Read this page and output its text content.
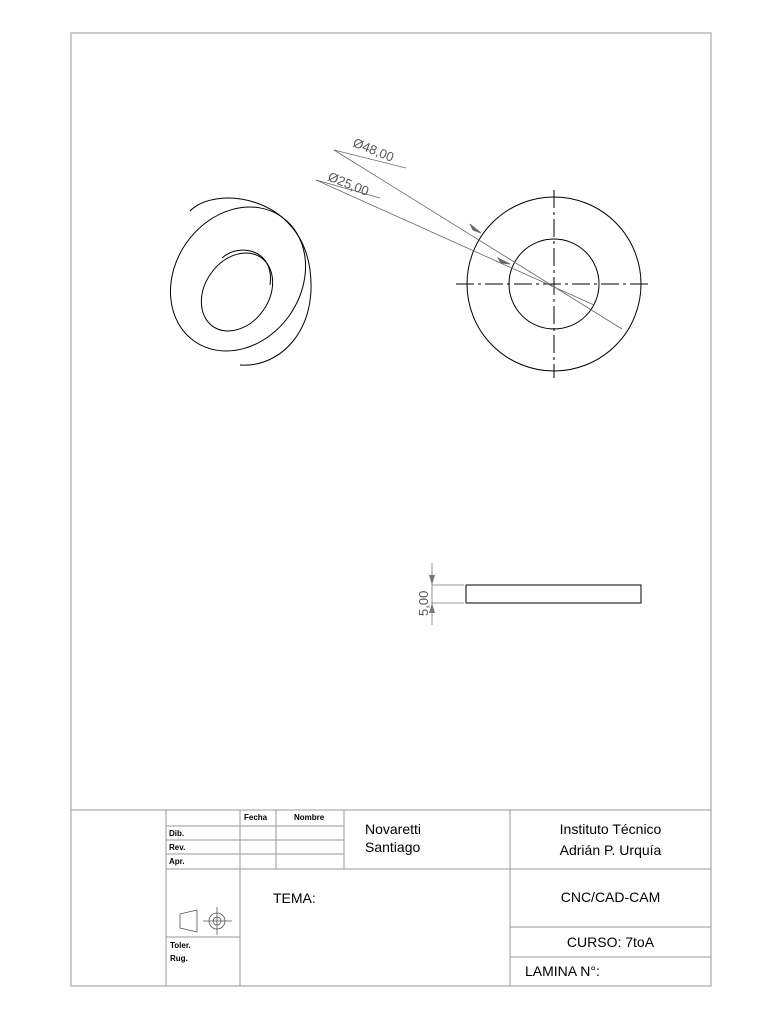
Ø48,00
Ø25,00
5,00
Fecha	Nombre
Dib.
Rev.
Apr.
Novaretti
Santiago
Instituto Técnico
Adrián P. Urquía
TEMA:	CNC/CAD-CAM
CURSO: 7toA
LAMINA N°:
Toler.
Rug.
